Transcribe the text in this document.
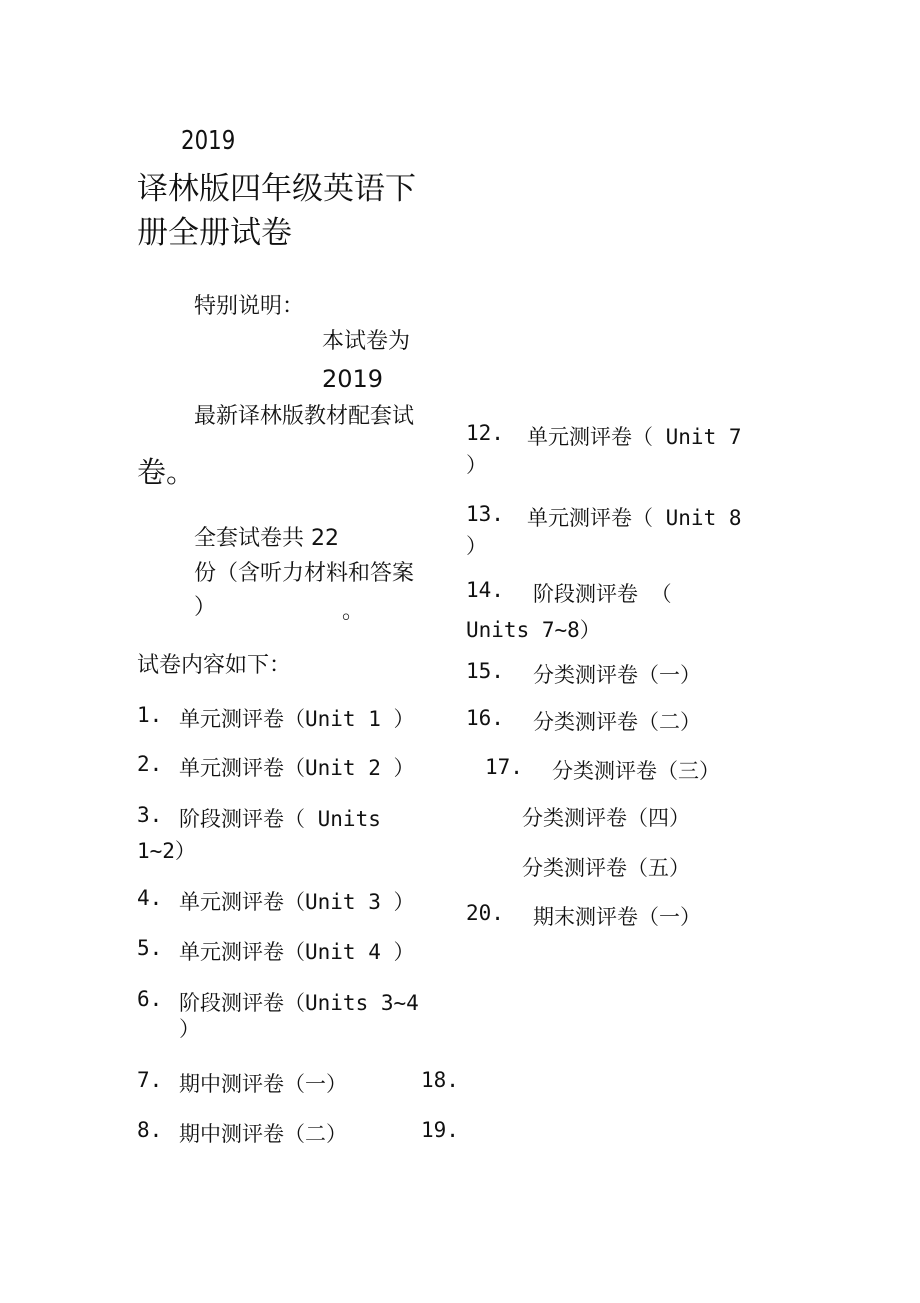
2019
译林版四年级英语下
册全册试卷
特别说明：
本试卷为
2019
最新译林版教材配套试
卷。
全套试卷共 22
份（含听力材料和答案
）	。
试卷内容如下：
1. 单元测评卷（Unit 1 ）
2. 单元测评卷（Unit 2 ）
3. 阶段测评卷（ Units
1~2）
4. 单元测评卷（Unit 3 ）
5. 单元测评卷（Unit 4 ）
6. 阶段测评卷（Units 3~4
）
7. 期中测评卷（一）	18.
8. 期中测评卷（二）	19.
12. 单元测评卷（ Unit 7
）
13. 单元测评卷（ Unit 8
）
14. 阶段测评卷 （
Units 7~8）
15. 分类测评卷（一）
16. 分类测评卷（二）
17. 分类测评卷（三）
分类测评卷（四）
分类测评卷（五）
20. 期末测评卷（一）
